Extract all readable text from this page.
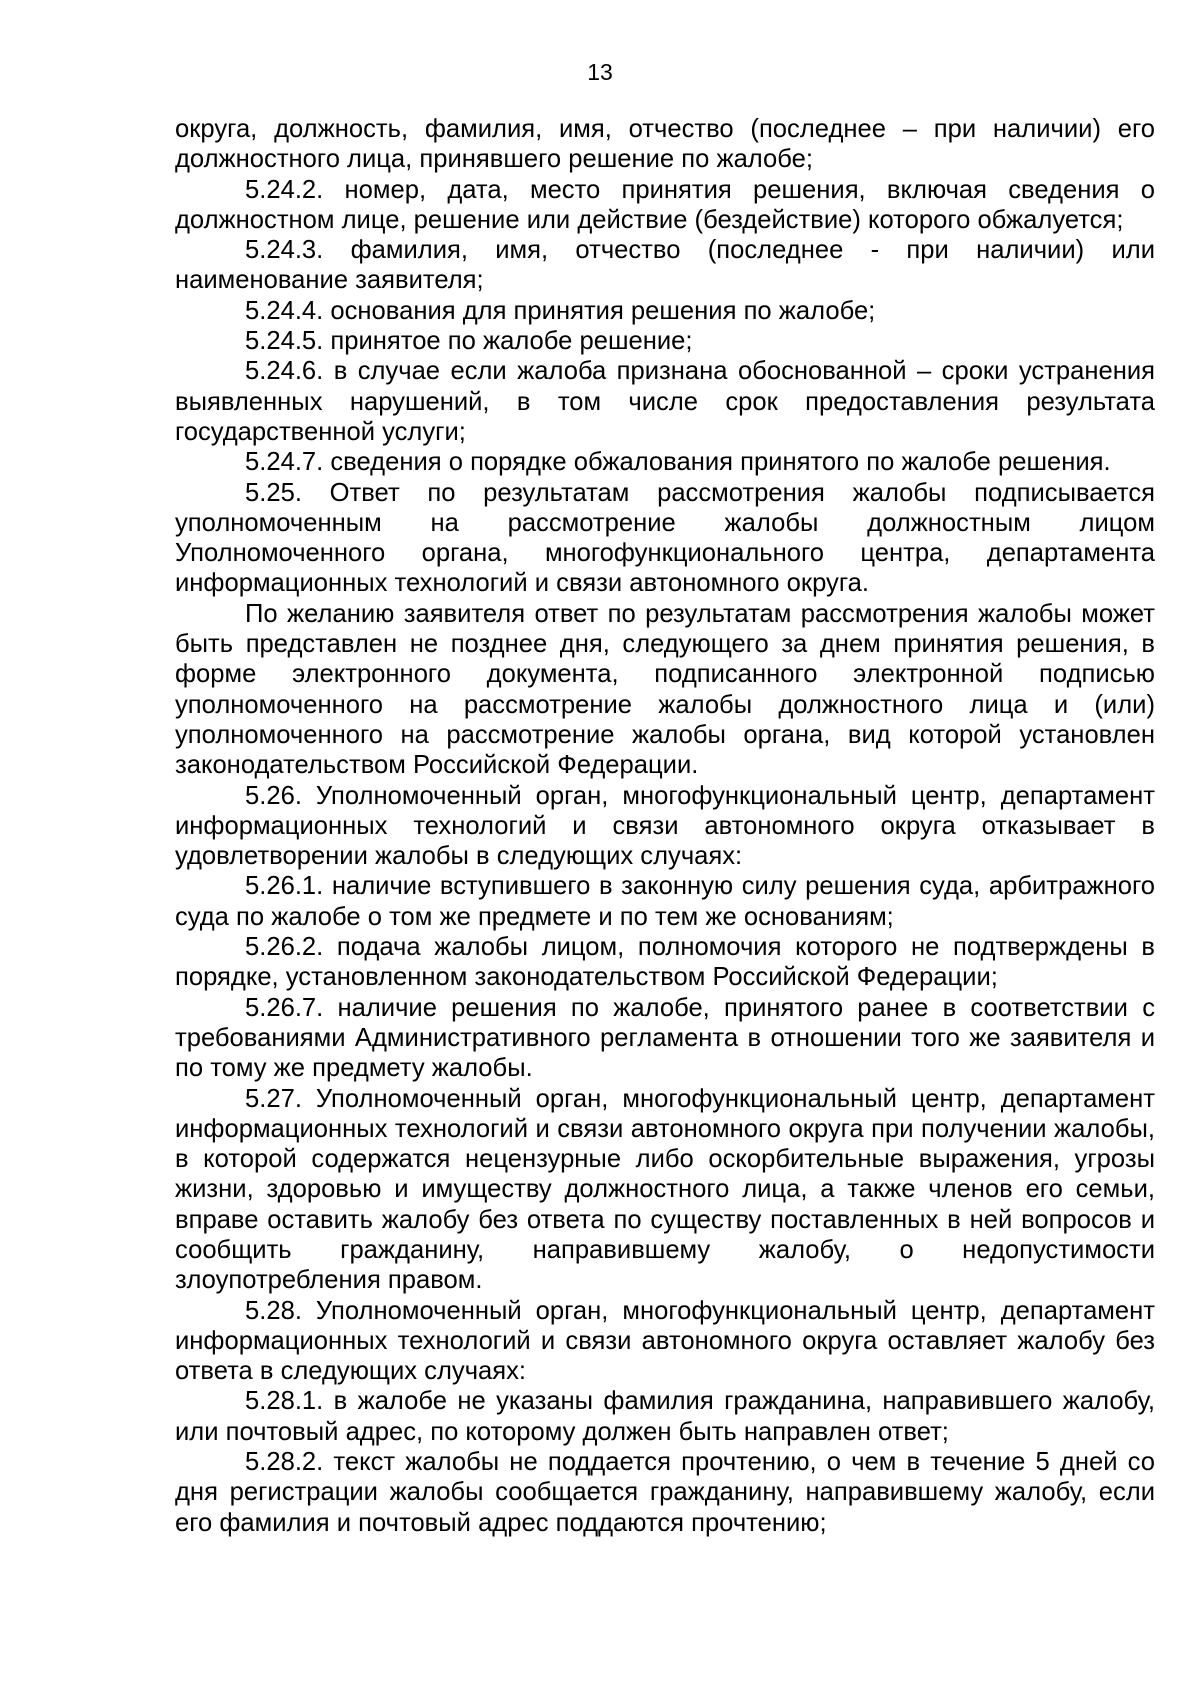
13

округа, должность, фамилия, имя, отчество (последнее – при наличии) его должностного лица, принявшего решение по жалобе;

5.24.2. номер, дата, место принятия решения, включая сведения о должностном лице, решение или действие (бездействие) которого обжалуется;

5.24.3. фамилия, имя, отчество (последнее - при наличии) или наименование заявителя;

5.24.4. основания для принятия решения по жалобе;

5.24.5. принятое по жалобе решение;

5.24.6. в случае если жалоба признана обоснованной – сроки устранения выявленных нарушений, в том числе срок предоставления результата государственной услуги;

5.24.7. сведения о порядке обжалования принятого по жалобе решения.

5.25. Ответ по результатам рассмотрения жалобы подписывается уполномоченным на рассмотрение жалобы должностным лицом Уполномоченного органа, многофункционального центра, департамента информационных технологий и связи автономного округа.

По желанию заявителя ответ по результатам рассмотрения жалобы может быть представлен не позднее дня, следующего за днем принятия решения, в форме электронного документа, подписанного электронной подписью уполномоченного на рассмотрение жалобы должностного лица и (или) уполномоченного на рассмотрение жалобы органа, вид которой установлен законодательством Российской Федерации.

5.26. Уполномоченный орган, многофункциональный центр, департамент информационных технологий и связи автономного округа отказывает в удовлетворении жалобы в следующих случаях:

5.26.1. наличие вступившего в законную силу решения суда, арбитражного суда по жалобе о том же предмете и по тем же основаниям;

5.26.2. подача жалобы лицом, полномочия которого не подтверждены в порядке, установленном законодательством Российской Федерации;

5.26.7. наличие решения по жалобе, принятого ранее в соответствии с требованиями Административного регламента в отношении того же заявителя и по тому же предмету жалобы.

5.27. Уполномоченный орган, многофункциональный центр, департамент информационных технологий и связи автономного округа при получении жалобы, в которой содержатся нецензурные либо оскорбительные выражения, угрозы жизни, здоровью и имуществу должностного лица, а также членов его семьи, вправе оставить жалобу без ответа по существу поставленных в ней вопросов и сообщить гражданину, направившему жалобу, о недопустимости злоупотребления правом.

5.28. Уполномоченный орган, многофункциональный центр, департамент информационных технологий и связи автономного округа оставляет жалобу без ответа в следующих случаях:

5.28.1. в жалобе не указаны фамилия гражданина, направившего жалобу, или почтовый адрес, по которому должен быть направлен ответ;

5.28.2. текст жалобы не поддается прочтению, о чем в течение 5 дней со дня регистрации жалобы сообщается гражданину, направившему жалобу, если его фамилия и почтовый адрес поддаются прочтению;
